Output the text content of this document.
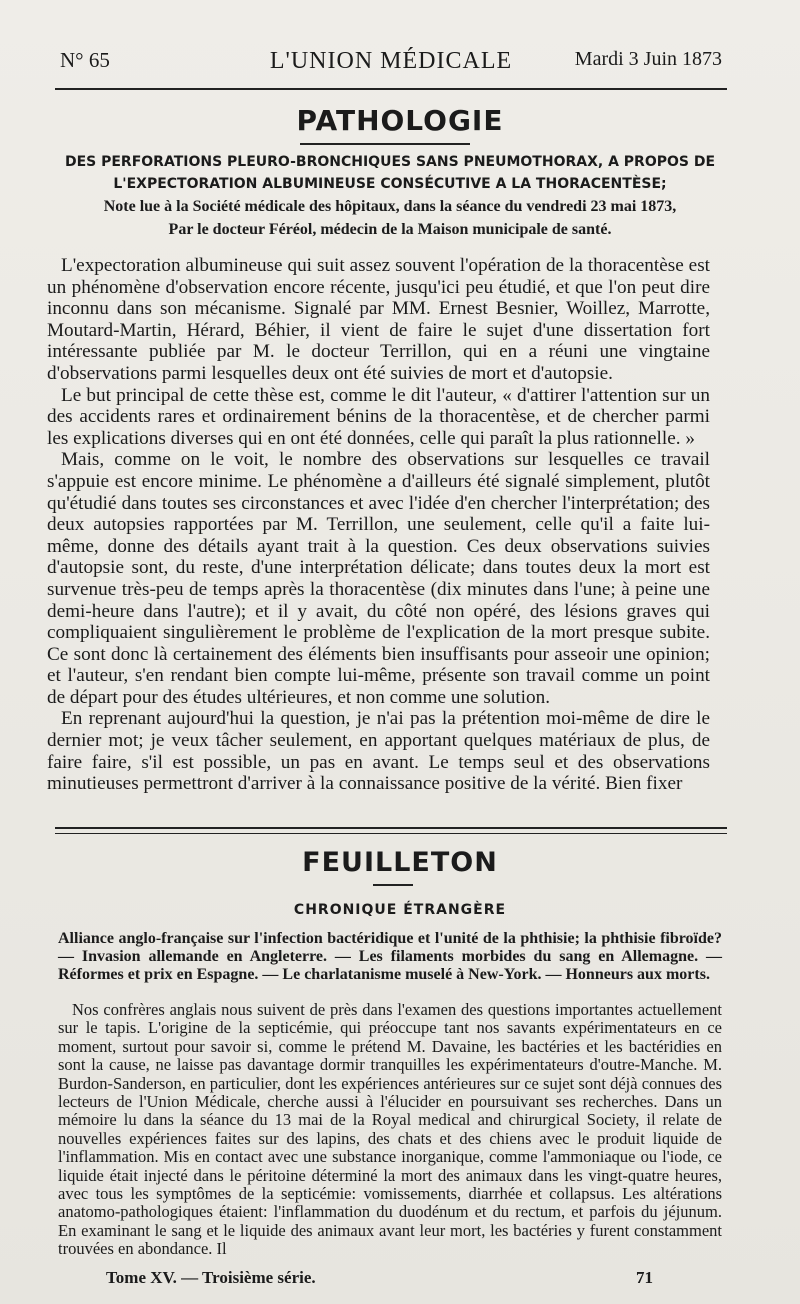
N° 65	L'UNION MÉDICALE	Mardi 3 Juin 1873
PATHOLOGIE
DES PERFORATIONS PLEURO-BRONCHIQUES SANS PNEUMOTHORAX, A PROPOS DE
L'EXPECTORATION ALBUMINEUSE CONSÉCUTIVE A LA THORACENTÈSE;
Note lue à la Société médicale des hôpitaux, dans la séance du vendredi 23 mai 1873,
Par le docteur Féréol, médecin de la Maison municipale de santé.

L'expectoration albumineuse qui suit assez souvent l'opération de la thoracentèse est un phénomène d'observation encore récente, jusqu'ici peu étudié, et que l'on peut dire inconnu dans son mécanisme. Signalé par MM. Ernest Besnier, Woillez, Marrotte, Moutard-Martin, Hérard, Béhier, il vient de faire le sujet d'une dissertation fort intéressante publiée par M. le docteur Terrillon, qui en a réuni une vingtaine d'observations parmi lesquelles deux ont été suivies de mort et d'autopsie.

Le but principal de cette thèse est, comme le dit l'auteur, « d'attirer l'attention sur un des accidents rares et ordinairement bénins de la thoracentèse, et de chercher parmi les explications diverses qui en ont été données, celle qui paraît la plus rationnelle. »

Mais, comme on le voit, le nombre des observations sur lesquelles ce travail s'appuie est encore minime. Le phénomène a d'ailleurs été signalé simplement, plutôt qu'étudié dans toutes ses circonstances et avec l'idée d'en chercher l'interprétation; des deux autopsies rapportées par M. Terrillon, une seulement, celle qu'il a faite lui-même, donne des détails ayant trait à la question. Ces deux observations suivies d'autopsie sont, du reste, d'une interprétation délicate; dans toutes deux la mort est survenue très-peu de temps après la thoracentèse (dix minutes dans l'une; à peine une demi-heure dans l'autre); et il y avait, du côté non opéré, des lésions graves qui compliquaient singulièrement le problème de l'explication de la mort presque subite. Ce sont donc là certainement des éléments bien insuffisants pour asseoir une opinion; et l'auteur, s'en rendant bien compte lui-même, présente son travail comme un point de départ pour des études ultérieures, et non comme une solution.

En reprenant aujourd'hui la question, je n'ai pas la prétention moi-même de dire le dernier mot; je veux tâcher seulement, en apportant quelques matériaux de plus, de faire faire, s'il est possible, un pas en avant. Le temps seul et des observations minutieuses permettront d'arriver à la connaissance positive de la vérité. Bien fixer

FEUILLETON
CHRONIQUE ÉTRANGÈRE
Alliance anglo-française sur l'infection bactéridique et l'unité de la phthisie; la phthisie fibroïde? — Invasion allemande en Angleterre. — Les filaments morbides du sang en Allemagne. — Réformes et prix en Espagne. — Le charlatanisme muselé à New-York. — Honneurs aux morts.

Nos confrères anglais nous suivent de près dans l'examen des questions importantes actuellement sur le tapis. L'origine de la septicémie, qui préoccupe tant nos savants expérimentateurs en ce moment, surtout pour savoir si, comme le prétend M. Davaine, les bactéries et les bactéridies en sont la cause, ne laisse pas davantage dormir tranquilles les expérimentateurs d'outre-Manche. M. Burdon-Sanderson, en particulier, dont les expériences antérieures sur ce sujet sont déjà connues des lecteurs de l'Union Médicale, cherche aussi à l'élucider en poursuivant ses recherches. Dans un mémoire lu dans la séance du 13 mai de la Royal medical and chirurgical Society, il relate de nouvelles expériences faites sur des lapins, des chats et des chiens avec le produit liquide de l'inflammation. Mis en contact avec une substance inorganique, comme l'ammoniaque ou l'iode, ce liquide était injecté dans le péritoine déterminé la mort des animaux dans les vingt-quatre heures, avec tous les symptômes de la septicémie: vomissements, diarrhée et collapsus. Les altérations anatomo-pathologiques étaient: l'inflammation du duodénum et du rectum, et parfois du jéjunum. En examinant le sang et le liquide des animaux avant leur mort, les bactéries y furent constamment trouvées en abondance. Il

Tome XV. — Troisième série.	71
